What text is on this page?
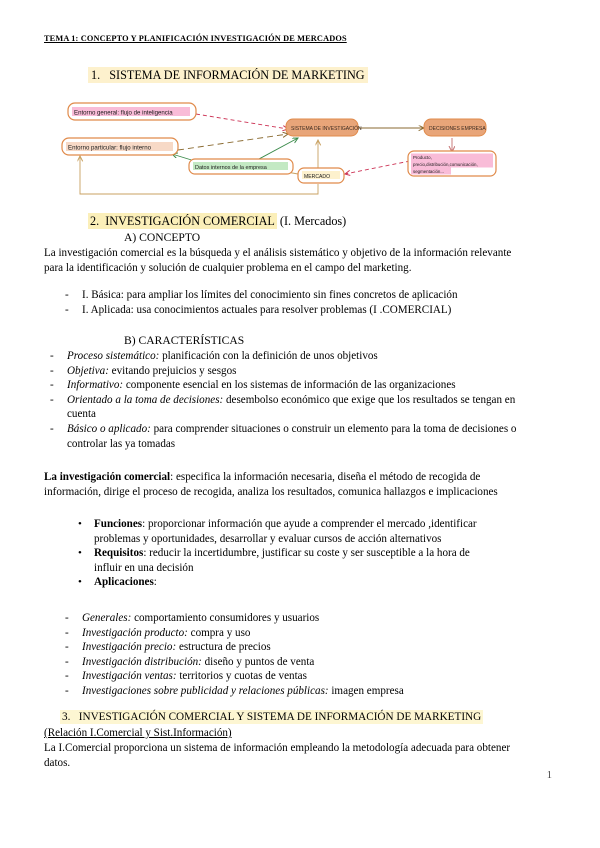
TEMA 1: CONCEPTO Y PLANIFICACIÓN INVESTIGACIÓN DE MERCADOS
1. SISTEMA DE INFORMACIÓN DE MARKETING
Entorno general: flujo de inteligencia
Entorno particular: flujo interno
Datos internos de la empresa
SISTEMA DE INVESTIGACIÓN
MERCADO
DECISIONES EMPRESA
Producto,
precio,distribución,comunicación,
segmentación...
2. INVESTIGACIÓN COMERCIAL (I. Mercados)
A) CONCEPTO
La investigación comercial es la búsqueda y el análisis sistemático y objetivo de la información relevante para la identificación y solución de cualquier problema en el campo del marketing.
- I. Básica: para ampliar los límites del conocimiento sin fines concretos de aplicación
- I. Aplicada: usa conocimientos actuales para resolver problemas (I .COMERCIAL)
B) CARACTERÍSTICAS
- Proceso sistemático: planificación con la definición de unos objetivos
- Objetiva: evitando prejuicios y sesgos
- Informativo: componente esencial en los sistemas de información de las organizaciones
- Orientado a la toma de decisiones: desembolso económico que exige que los resultados se tengan en cuenta
- Básico o aplicado: para comprender situaciones o construir un elemento para la toma de decisiones o controlar las ya tomadas
La investigación comercial: especifica la información necesaria, diseña el método de recogida de información, dirige el proceso de recogida, analiza los resultados, comunica hallazgos e implicaciones
• Funciones: proporcionar información que ayude a comprender el mercado ,identificar problemas y oportunidades, desarrollar y evaluar cursos de acción alternativos
• Requisitos: reducir la incertidumbre, justificar su coste y ser susceptible a la hora de influir en una decisión
• Aplicaciones:
- Generales: comportamiento consumidores y usuarios
- Investigación producto: compra y uso
- Investigación precio: estructura de precios
- Investigación distribución: diseño y puntos de venta
- Investigación ventas: territorios y cuotas de ventas
- Investigaciones sobre publicidad y relaciones públicas: imagen empresa
3. INVESTIGACIÓN COMERCIAL Y SISTEMA DE INFORMACIÓN DE MARKETING
(Relación I.Comercial y Sist.Información)
La I.Comercial proporciona un sistema de información empleando la metodología adecuada para obtener datos.
1
